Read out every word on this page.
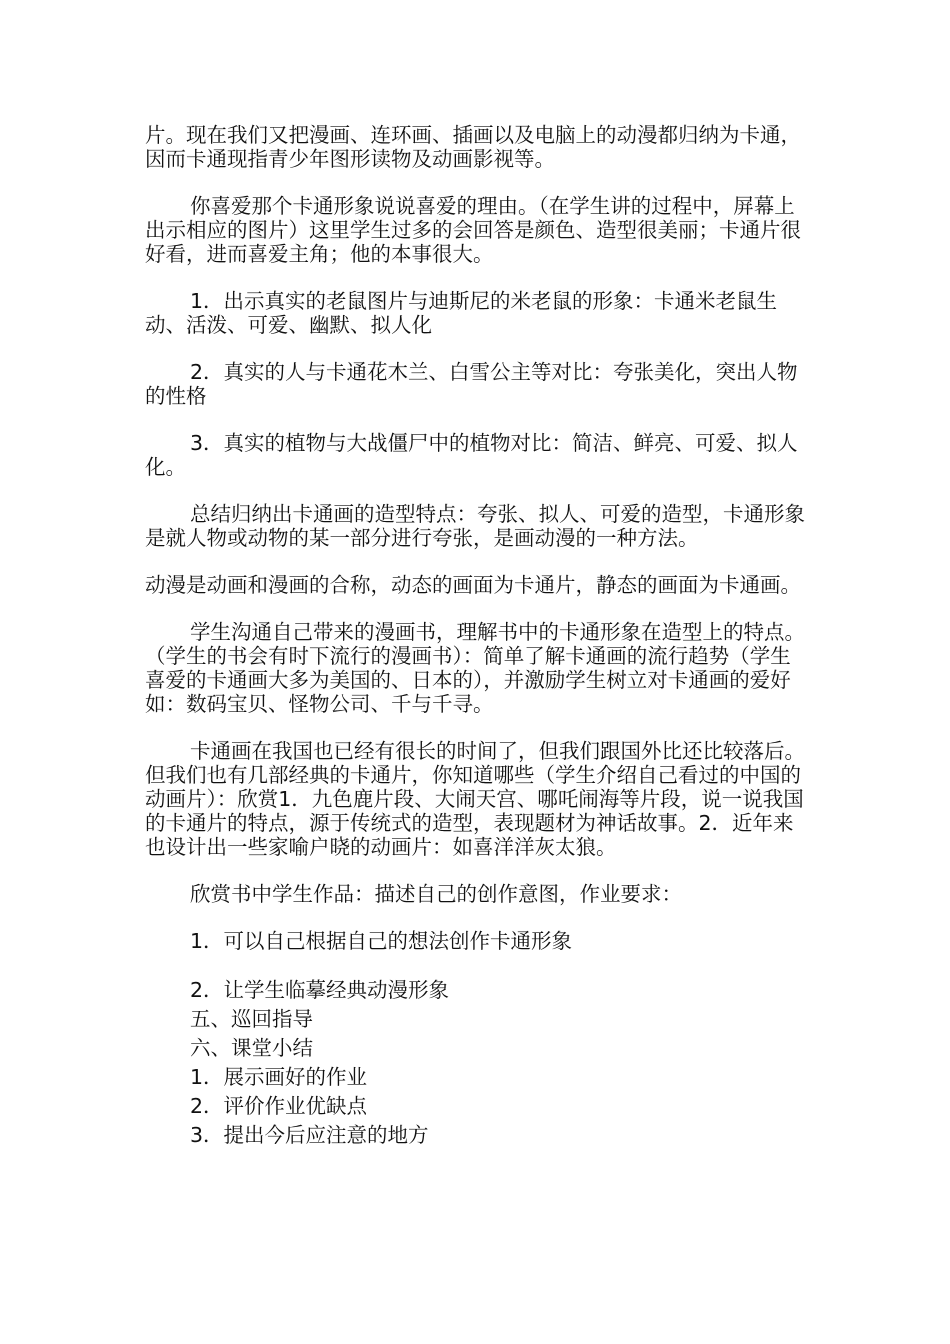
片。现在我们又把漫画、连环画、插画以及电脑上的动漫都归纳为卡通，因而卡通现指青少年图形读物及动画影视等。

你喜爱那个卡通形象说说喜爱的理由。（在学生讲的过程中，屏幕上出示相应的图片）这里学生过多的会回答是颜色、造型很美丽；卡通片很好看，进而喜爱主角；他的本事很大。

1．出示真实的老鼠图片与迪斯尼的米老鼠的形象：卡通米老鼠生动、活泼、可爱、幽默、拟人化

2．真实的人与卡通花木兰、白雪公主等对比：夸张美化，突出人物的性格

3．真实的植物与大战僵尸中的植物对比：简洁、鲜亮、可爱、拟人化。

总结归纳出卡通画的造型特点：夸张、拟人、可爱的造型，卡通形象是就人物或动物的某一部分进行夸张，是画动漫的一种方法。

动漫是动画和漫画的合称，动态的画面为卡通片，静态的画面为卡通画。

学生沟通自己带来的漫画书，理解书中的卡通形象在造型上的特点。（学生的书会有时下流行的漫画书）：简单了解卡通画的流行趋势（学生喜爱的卡通画大多为美国的、日本的），并激励学生树立对卡通画的爱好如：数码宝贝、怪物公司、千与千寻。

卡通画在我国也已经有很长的时间了，但我们跟国外比还比较落后。但我们也有几部经典的卡通片，你知道哪些（学生介绍自己看过的中国的动画片）：欣赏1．九色鹿片段、大闹天宫、哪吒闹海等片段，说一说我国的卡通片的特点，源于传统式的造型，表现题材为神话故事。2．近年来也设计出一些家喻户晓的动画片：如喜洋洋灰太狼。

欣赏书中学生作品：描述自己的创作意图，作业要求：

1．可以自己根据自己的想法创作卡通形象

2．让学生临摹经典动漫形象
五、巡回指导
六、课堂小结
1．展示画好的作业
2．评价作业优缺点
3．提出今后应注意的地方
